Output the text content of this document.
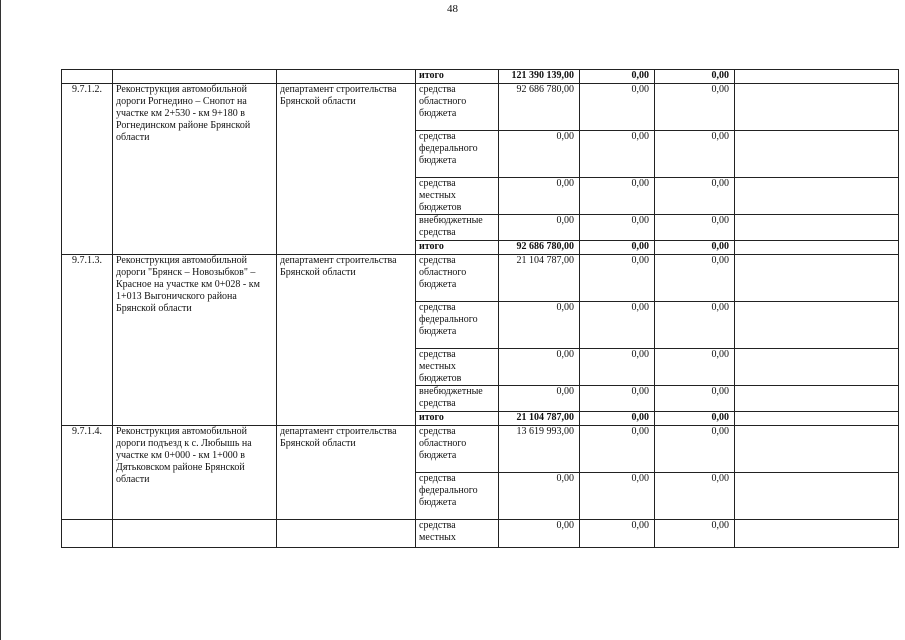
48
			итого	121 390 139,00	0,00	0,00	
9.7.1.2.	Реконструкция автомобильной дороги Рогнедино – Снопот на участке км 2+530 - км 9+180 в Рогнединском районе Брянской области	департамент строительства Брянской области	средства областного бюджета	92 686 780,00	0,00	0,00	
			средства федерального бюджета	0,00	0,00	0,00	
			средства местных бюджетов	0,00	0,00	0,00	
			внебюджетные средства	0,00	0,00	0,00	
			итого	92 686 780,00	0,00	0,00	
9.7.1.3.	Реконструкция автомобильной дороги "Брянск – Новозыбков" – Красное на участке км 0+028 - км 1+013 Выгоничского района Брянской области	департамент строительства Брянской области	средства областного бюджета	21 104 787,00	0,00	0,00	
			средства федерального бюджета	0,00	0,00	0,00	
			средства местных бюджетов	0,00	0,00	0,00	
			внебюджетные средства	0,00	0,00	0,00	
			итого	21 104 787,00	0,00	0,00	
9.7.1.4.	Реконструкция автомобильной дороги подъезд к с. Любышь на участке км 0+000 - км 1+000 в Дятьковском районе Брянской области	департамент строительства Брянской области	средства областного бюджета	13 619 993,00	0,00	0,00	
			средства федерального бюджета	0,00	0,00	0,00	
			средства местных	0,00	0,00	0,00	
